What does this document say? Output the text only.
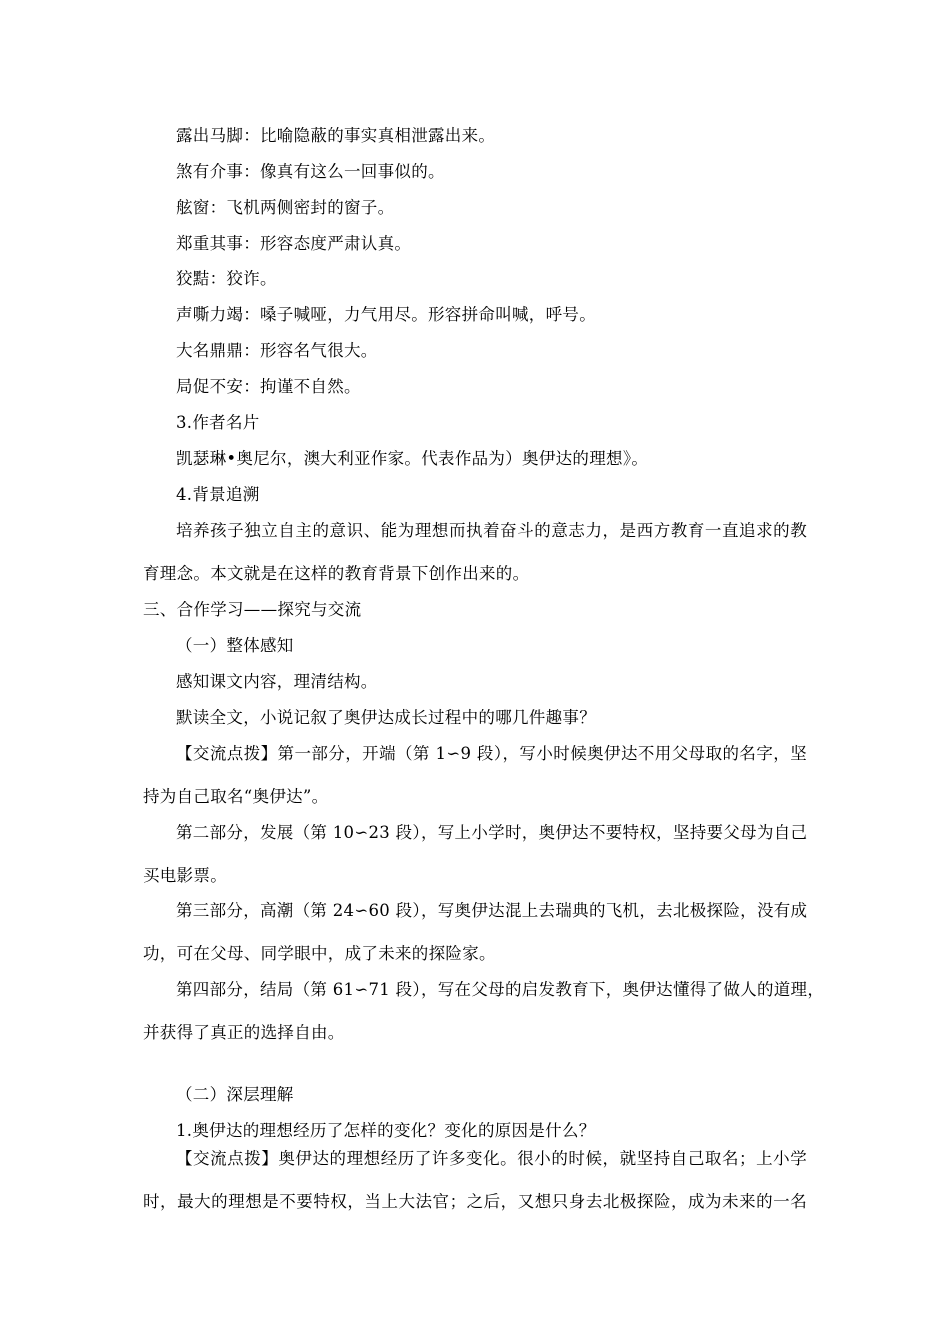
露出马脚：比喻隐蔽的事实真相泄露出来。
煞有介事：像真有这么一回事似的。
舷窗：飞机两侧密封的窗子。
郑重其事：形容态度严肃认真。
狡黠：狡诈。
声嘶力竭：嗓子喊哑，力气用尽。形容拼命叫喊，呼号。
大名鼎鼎：形容名气很大。
局促不安：拘谨不自然。
3.作者名片
凯瑟琳•奥尼尔，澳大利亚作家。代表作品为）奥伊达的理想》。
4.背景追溯
培养孩子独立自主的意识、能为理想而执着奋斗的意志力，是西方教育一直追求的教
育理念。本文就是在这样的教育背景下创作出来的。
三、合作学习——探究与交流
（一）整体感知
感知课文内容，理清结构。
默读全文，小说记叙了奥伊达成长过程中的哪几件趣事？
【交流点拨】第一部分，开端（第 1∽9 段），写小时候奥伊达不用父母取的名字，坚
持为自己取名“奥伊达”。
第二部分，发展（第 10∽23 段），写上小学时，奥伊达不要特权，坚持要父母为自己
买电影票。
第三部分，高潮（第 24∽60 段），写奥伊达混上去瑞典的飞机，去北极探险，没有成
功，可在父母、同学眼中，成了未来的探险家。
第四部分，结局（第 61∽71 段），写在父母的启发教育下，奥伊达懂得了做人的道理，
并获得了真正的选择自由。
（二）深层理解
1.奥伊达的理想经历了怎样的变化？变化的原因是什么？
【交流点拨】奥伊达的理想经历了许多变化。很小的时候，就坚持自己取名；上小学
时，最大的理想是不要特权，当上大法官；之后，又想只身去北极探险，成为未来的一名
